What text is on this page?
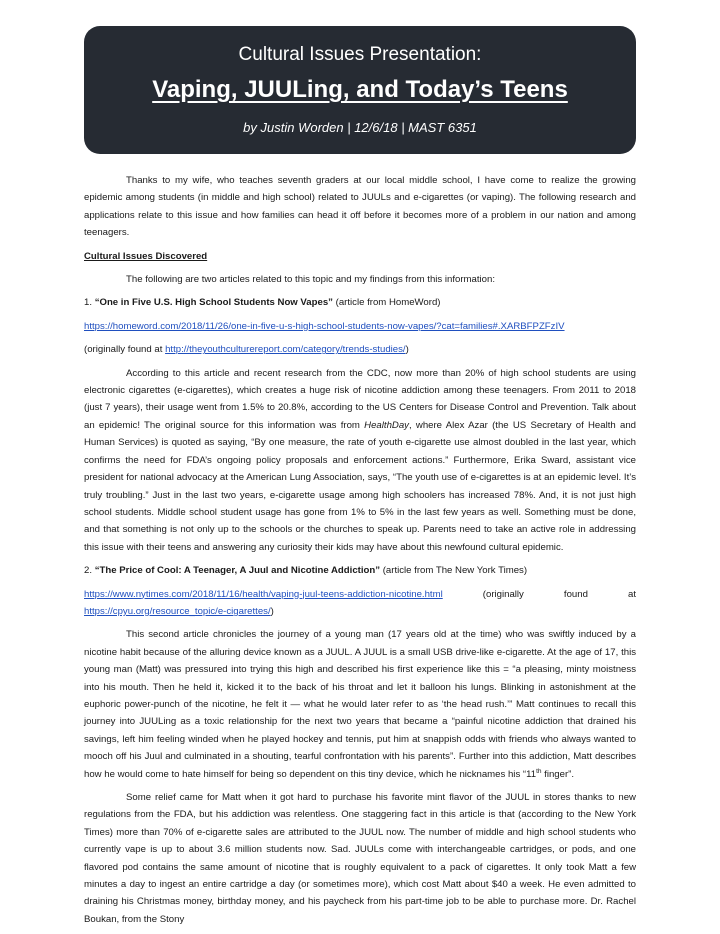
Cultural Issues Presentation:
Vaping, JUULing, and Today’s Teens
by Justin Worden | 12/6/18 | MAST 6351

Thanks to my wife, who teaches seventh graders at our local middle school, I have come to realize the growing epidemic among students (in middle and high school) related to JUULs and e-cigarettes (or vaping). The following research and applications relate to this issue and how families can head it off before it becomes more of a problem in our nation and among teenagers.

Cultural Issues Discovered

The following are two articles related to this topic and my findings from this information:

1. “One in Five U.S. High School Students Now Vapes” (article from HomeWord)

https://homeword.com/2018/11/26/one-in-five-u-s-high-school-students-now-vapes/?cat=families#.XARBFPZFzIV

(originally found at http://theyouthculturereport.com/category/trends-studies/)

According to this article and recent research from the CDC, now more than 20% of high school students are using electronic cigarettes (e-cigarettes), which creates a huge risk of nicotine addiction among these teenagers. From 2011 to 2018 (just 7 years), their usage went from 1.5% to 20.8%, according to the US Centers for Disease Control and Prevention. Talk about an epidemic! The original source for this information was from HealthDay, where Alex Azar (the US Secretary of Health and Human Services) is quoted as saying, “By one measure, the rate of youth e-cigarette use almost doubled in the last year, which confirms the need for FDA’s ongoing policy proposals and enforcement actions.” Furthermore, Erika Sward, assistant vice president for national advocacy at the American Lung Association, says, “The youth use of e-cigarettes is at an epidemic level. It’s truly troubling.” Just in the last two years, e-cigarette usage among high schoolers has increased 78%. And, it is not just high school students. Middle school student usage has gone from 1% to 5% in the last few years as well. Something must be done, and that something is not only up to the schools or the churches to speak up. Parents need to take an active role in addressing this issue with their teens and answering any curiosity their kids may have about this newfound cultural epidemic.

2. “The Price of Cool: A Teenager, A Juul and Nicotine Addiction” (article from The New York Times)

https://www.nytimes.com/2018/11/16/health/vaping-juul-teens-addiction-nicotine.html	(originally found at https://cpyu.org/resource_topic/e-cigarettes/)

This second article chronicles the journey of a young man (17 years old at the time) who was swiftly induced by a nicotine habit because of the alluring device known as a JUUL. A JUUL is a small USB drive-like e-cigarette. At the age of 17, this young man (Matt) was pressured into trying this high and described his first experience like this = “a pleasing, minty moistness into his mouth. Then he held it, kicked it to the back of his throat and let it balloon his lungs. Blinking in astonishment at the euphoric power-punch of the nicotine, he felt it — what he would later refer to as ‘the head rush.’” Matt continues to recall this journey into JUULing as a toxic relationship for the next two years that became a “painful nicotine addiction that drained his savings, left him feeling winded when he played hockey and tennis, put him at snappish odds with friends who always wanted to mooch off his Juul and culminated in a shouting, tearful confrontation with his parents”. Further into this addiction, Matt describes how he would come to hate himself for being so dependent on this tiny device, which he nicknames his “11th finger”.

Some relief came for Matt when it got hard to purchase his favorite mint flavor of the JUUL in stores thanks to new regulations from the FDA, but his addiction was relentless. One staggering fact in this article is that (according to the New York Times) more than 70% of e-cigarette sales are attributed to the JUUL now. The number of middle and high school students who currently vape is up to about 3.6 million students now. Sad. JUULs come with interchangeable cartridges, or pods, and one flavored pod contains the same amount of nicotine that is roughly equivalent to a pack of cigarettes. It only took Matt a few minutes a day to ingest an entire cartridge a day (or sometimes more), which cost Matt about $40 a week. He even admitted to draining his Christmas money, birthday money, and his paycheck from his part-time job to be able to purchase more. Dr. Rachel Boukan, from the Stony
